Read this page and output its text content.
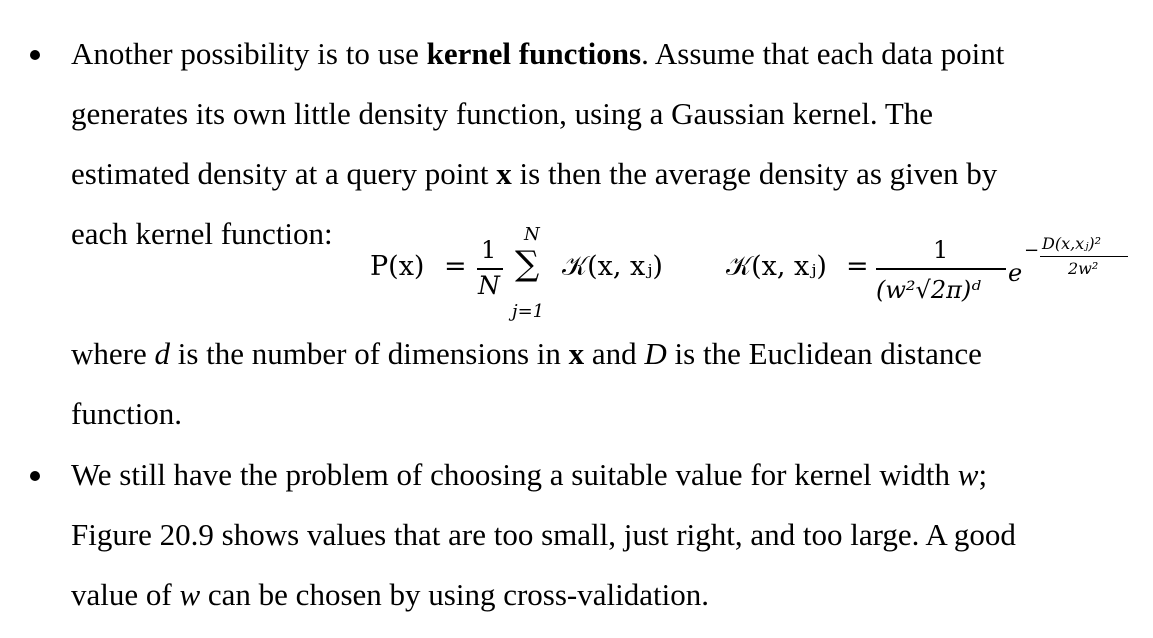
Another possibility is to use kernel functions. Assume that each data point
generates its own little density function, using a Gaussian kernel. The
estimated density at a query point x is then the average density as given by
each kernel function:
P(x) =
1
N
N
∑
j=1
𝒦(x, xⱼ) 𝒦(x, xⱼ) =
1
(w²√2π)ᵈ
e
− D(x,xⱼ)²
2w²
where d is the number of dimensions in x and D is the Euclidean distance
function.
We still have the problem of choosing a suitable value for kernel width w;
Figure 20.9 shows values that are too small, just right, and too large. A good
value of w can be chosen by using cross-validation.
